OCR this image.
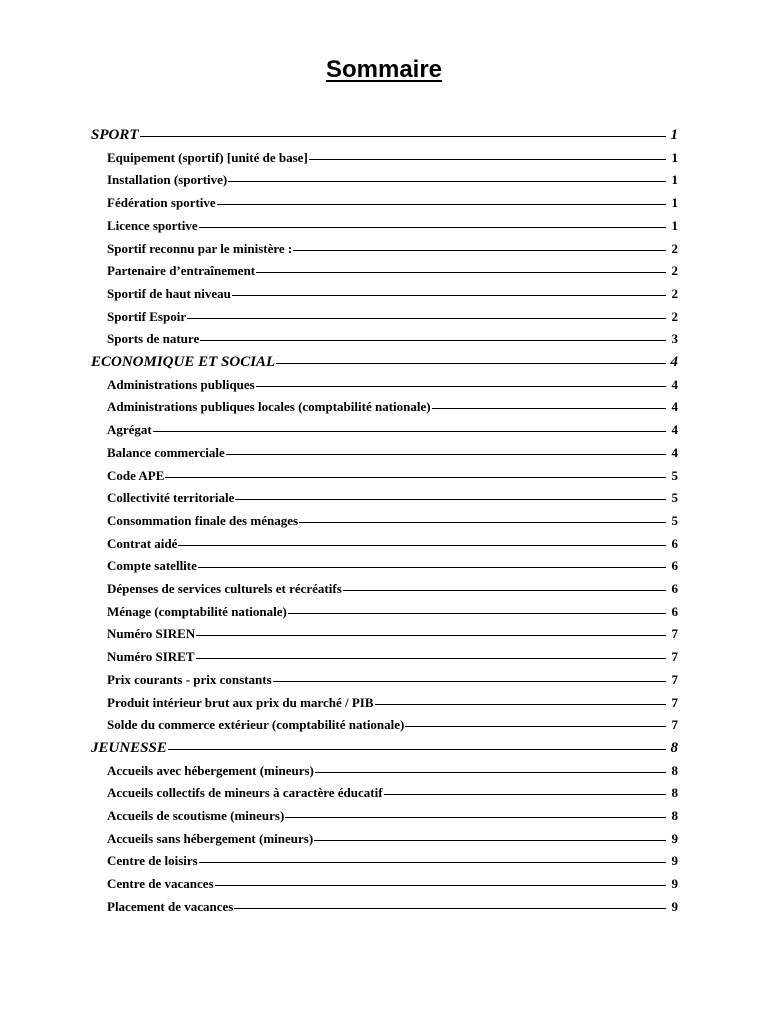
Sommaire
SPORT	1
Equipement (sportif) [unité de base]	1
Installation (sportive)	1
Fédération sportive	1
Licence sportive	1
Sportif reconnu par le ministère :	2
Partenaire d’entraînement	2
Sportif de haut niveau	2
Sportif Espoir	2
Sports de nature	3
ECONOMIQUE ET SOCIAL	4
Administrations publiques	4
Administrations publiques locales (comptabilité nationale)	4
Agrégat	4
Balance commerciale	4
Code APE	5
Collectivité territoriale	5
Consommation finale des ménages	5
Contrat aidé	6
Compte satellite	6
Dépenses de services culturels et récréatifs	6
Ménage (comptabilité nationale)	6
Numéro SIREN	7
Numéro SIRET	7
Prix courants - prix constants	7
Produit intérieur brut aux prix du marché / PIB	7
Solde du commerce extérieur (comptabilité nationale)	7
JEUNESSE	8
Accueils avec hébergement (mineurs)	8
Accueils collectifs de mineurs à caractère éducatif	8
Accueils de scoutisme (mineurs)	8
Accueils sans hébergement (mineurs)	9
Centre de loisirs	9
Centre de vacances	9
Placement de vacances	9
